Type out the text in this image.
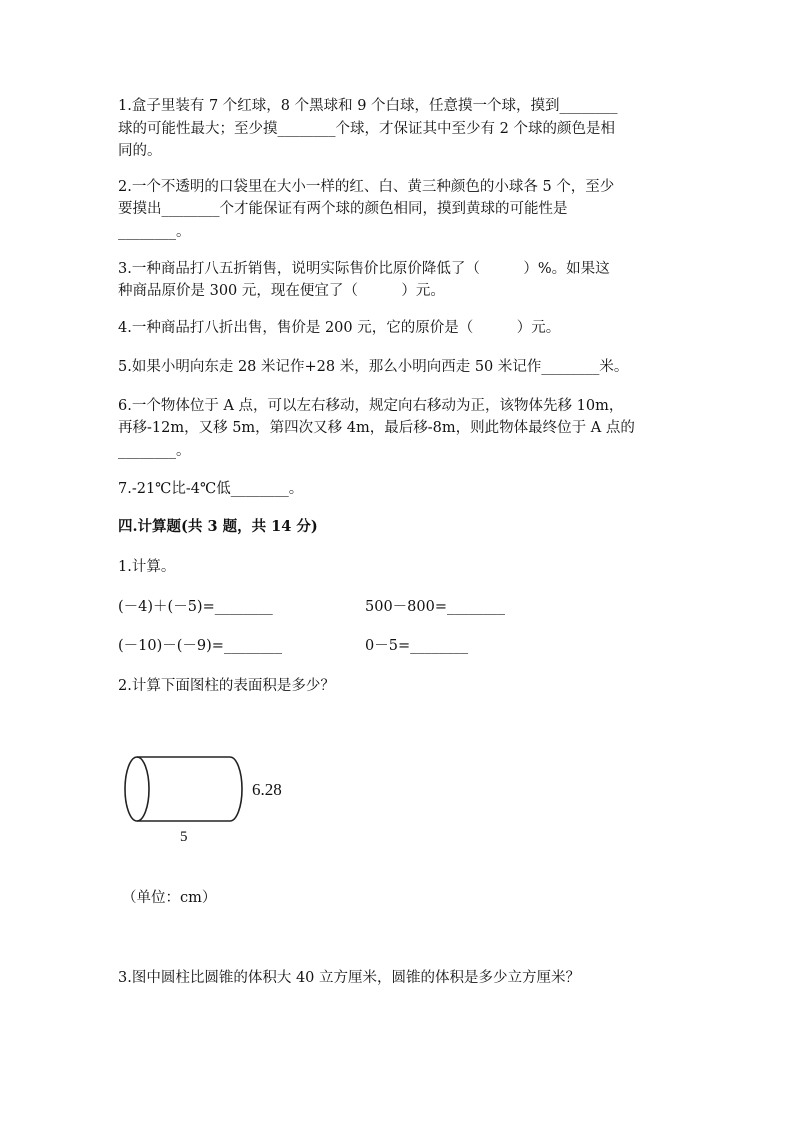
1.盒子里装有 7 个红球，8 个黑球和 9 个白球，任意摸一个球，摸到________
球的可能性最大；至少摸________个球，才保证其中至少有 2 个球的颜色是相
同的。
2.一个不透明的口袋里在大小一样的红、白、黄三种颜色的小球各 5 个，至少
要摸出________个才能保证有两个球的颜色相同，摸到黄球的可能性是
________。
3.一种商品打八五折销售，说明实际售价比原价降低了（　　　）%。如果这
种商品原价是 300 元，现在便宜了（　　　）元。
4.一种商品打八折出售，售价是 200 元，它的原价是（　　　）元。
5.如果小明向东走 28 米记作+28 米，那么小明向西走 50 米记作________米。
6.一个物体位于 A 点，可以左右移动，规定向右移动为正，该物体先移 10m，
再移-12m，又移 5m，第四次又移 4m，最后移-8m，则此物体最终位于 A 点的
________。
7.-21℃比-4℃低________。
四.计算题(共 3 题，共 14 分)
1.计算。
(－4)＋(－5)=________	500－800=________
(－10)－(－9)=________	0－5=________
2.计算下面图柱的表面积是多少？
6.28
5
（单位：cm）
3.图中圆柱比圆锥的体积大 40 立方厘米，圆锥的体积是多少立方厘米？
